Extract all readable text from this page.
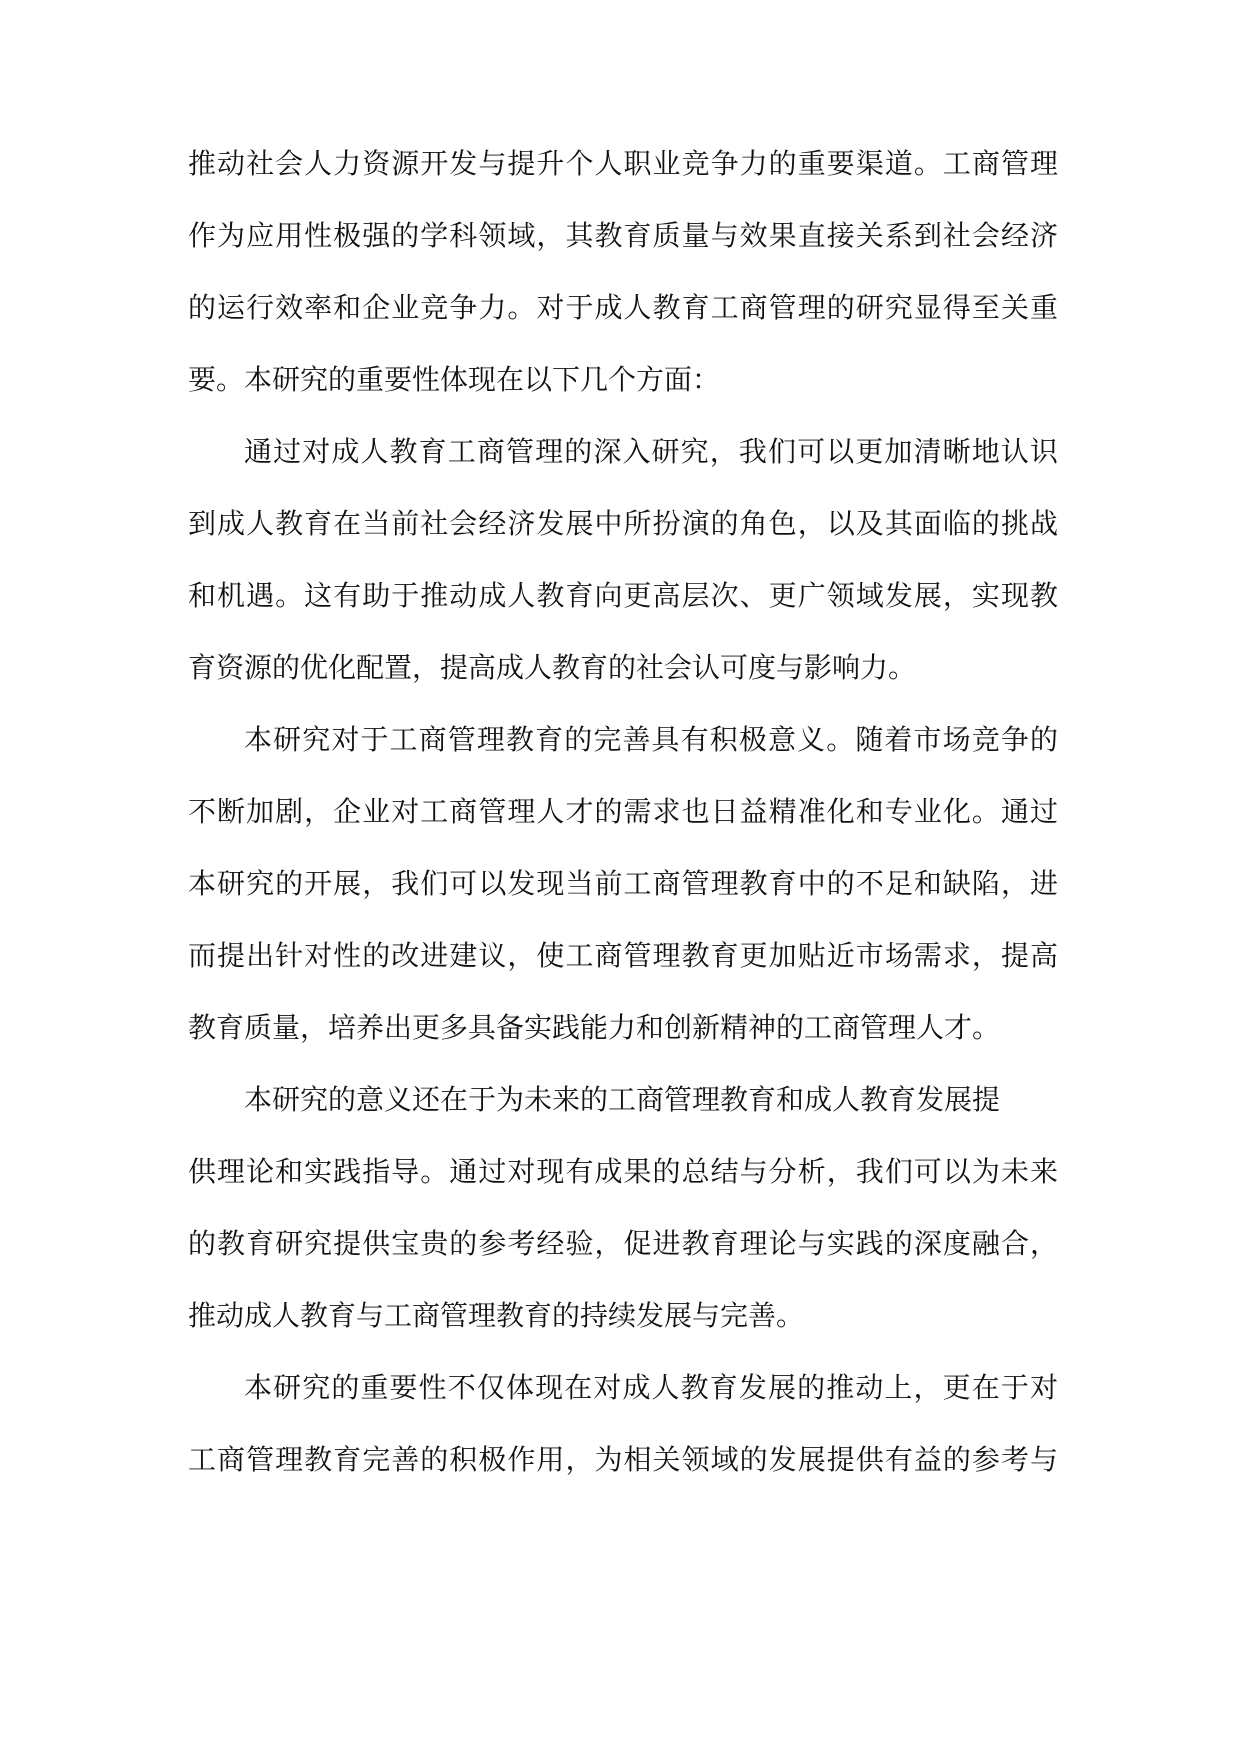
推动社会人力资源开发与提升个人职业竞争力的重要渠道。工商管理
作为应用性极强的学科领域，其教育质量与效果直接关系到社会经济
的运行效率和企业竞争力。对于成人教育工商管理的研究显得至关重
要。本研究的重要性体现在以下几个方面：
通过对成人教育工商管理的深入研究，我们可以更加清晰地认识
到成人教育在当前社会经济发展中所扮演的角色，以及其面临的挑战
和机遇。这有助于推动成人教育向更高层次、更广领域发展，实现教
育资源的优化配置，提高成人教育的社会认可度与影响力。
本研究对于工商管理教育的完善具有积极意义。随着市场竞争的
不断加剧，企业对工商管理人才的需求也日益精准化和专业化。通过
本研究的开展，我们可以发现当前工商管理教育中的不足和缺陷，进
而提出针对性的改进建议，使工商管理教育更加贴近市场需求，提高
教育质量，培养出更多具备实践能力和创新精神的工商管理人才。
本研究的意义还在于为未来的工商管理教育和成人教育发展提
供理论和实践指导。通过对现有成果的总结与分析，我们可以为未来
的教育研究提供宝贵的参考经验，促进教育理论与实践的深度融合，
推动成人教育与工商管理教育的持续发展与完善。
本研究的重要性不仅体现在对成人教育发展的推动上，更在于对
工商管理教育完善的积极作用，为相关领域的发展提供有益的参考与
